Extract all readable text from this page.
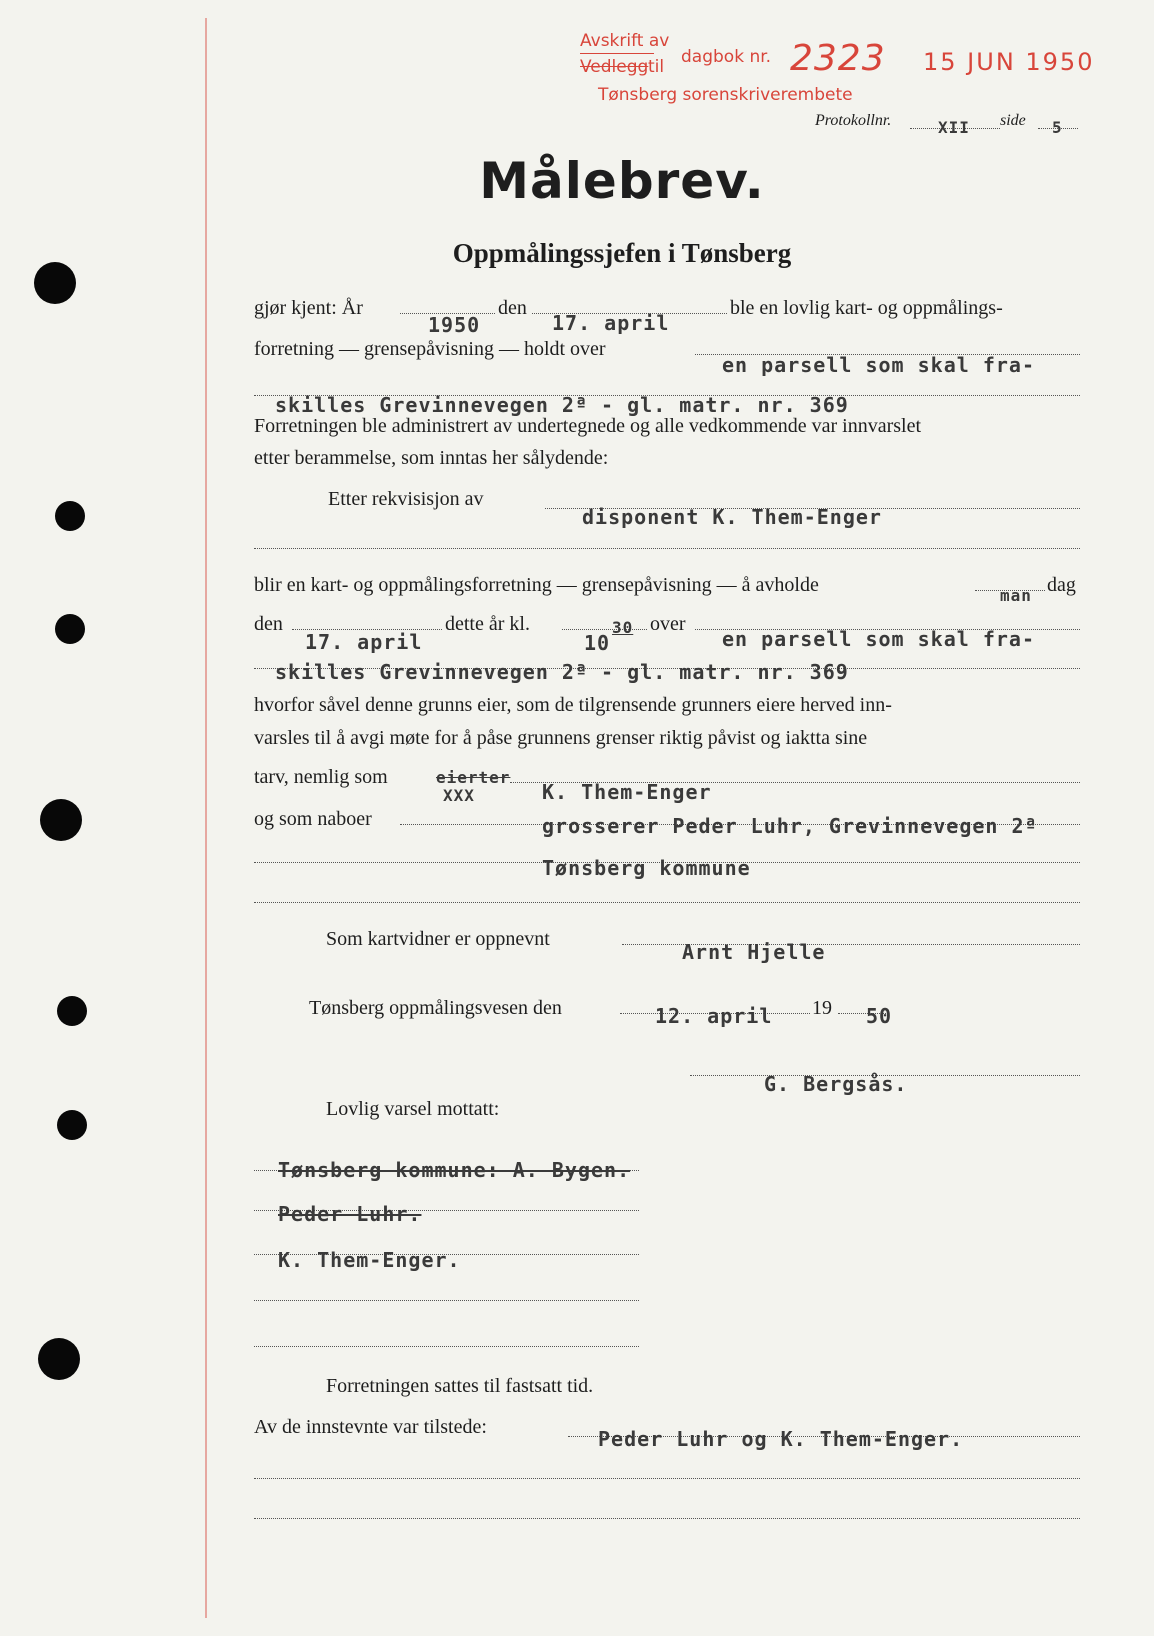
Avskrift av
Vedlegg til dagbok nr. 2323 15 JUN 1950
Tønsberg sorenskriverembete
Protokollnr.	XII side 5
Målebrev.
Oppmålingssjefen i Tønsberg
gjør kjent: År
1950
den
17. april
ble en lovlig kart- og oppmålings-
forretning — grensepåvisning — holdt over
en parsell som skal fra-
skilles Grevinnevegen 2ª - gl. matr. nr. 369
Forretningen ble administrert av undertegnede og alle vedkommende var innvarslet
etter berammelse, som inntas her sålydende:
Etter rekvisisjon av
disponent K. Them-Enger
blir en kart- og oppmålingsforretning — grensepåvisning — å avholde	man dag
den
17. april
dette år kl.
10
30 over
en parsell som skal fra-
skilles Grevinnevegen 2ª - gl. matr. nr. 369
hvorfor såvel denne grunns eier, som de tilgrensende grunners eiere herved inn-
varsles til å avgi møte for å påse grunnens grenser riktig påvist og iaktta sine
tarv, nemlig som	eierter
XXX	K. Them-Enger
og som naboer	grosserer Peder Luhr, Grevinnevegen 2ª
Tønsberg kommune
Som kartvidner er oppnevnt
Arnt Hjelle
Tønsberg oppmålingsvesen den	12. april 19 50
G. Bergsås.
Lovlig varsel mottatt:
Tønsberg kommune: A. Bygen.
Peder Luhr.
K. Them-Enger.
Forretningen sattes til fastsatt tid.
Av de innstevnte var tilstede:	Peder Luhr og K. Them-Enger.
